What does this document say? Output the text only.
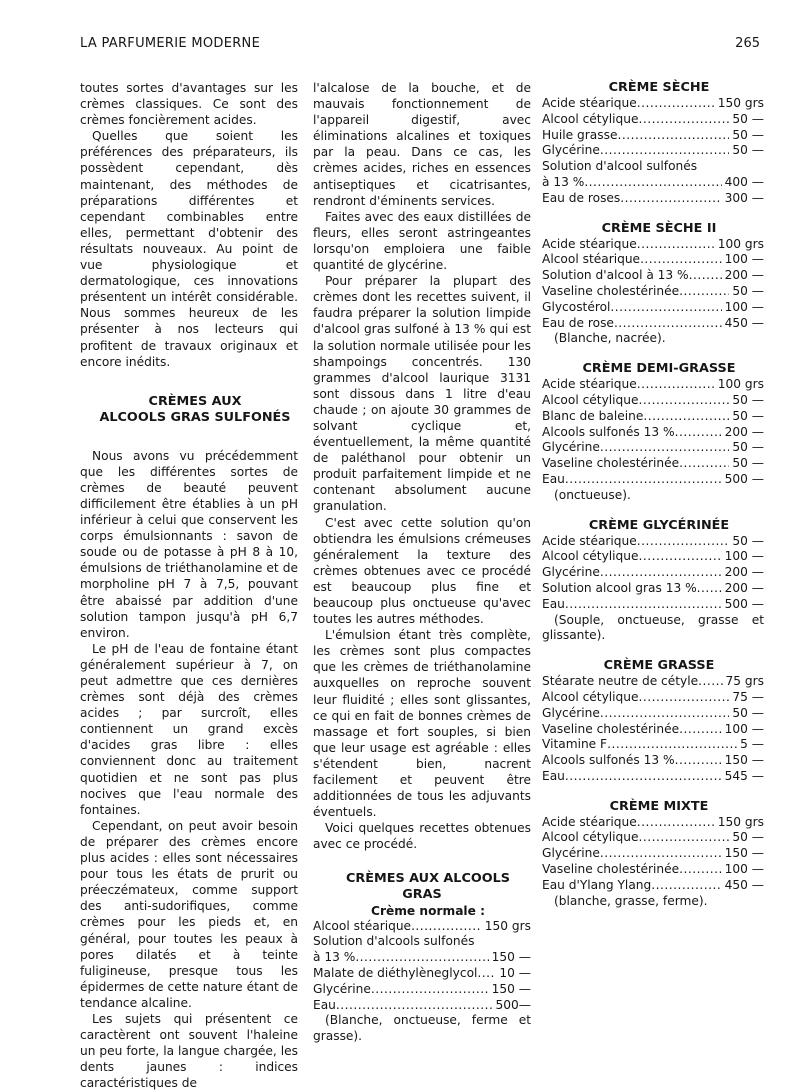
LA PARFUMERIE MODERNE	265

toutes sortes d'avantages sur les crèmes classiques. Ce sont des crèmes foncièrement acides.

Quelles que soient les préférences des préparateurs, ils possèdent cependant, dès maintenant, des méthodes de préparations différentes et cependant combinables entre elles, permettant d'obtenir des résultats nouveaux. Au point de vue physiologique et dermatologique, ces innovations présentent un intérêt considérable. Nous sommes heureux de les présenter à nos lecteurs qui profitent de travaux originaux et encore inédits.

CRÈMES AUX

ALCOOLS GRAS SULFONÉS

Nous avons vu précédemment que les différentes sortes de crèmes de beauté peuvent difficilement être établies à un pH inférieur à celui que conservent les corps émulsionnants : savon de soude ou de potasse à pH 8 à 10, émulsions de triéthanolamine et de morpholine pH 7 à 7,5, pouvant être abaissé par addition d'une solution tampon jusqu'à pH 6,7 environ.

Le pH de l'eau de fontaine étant généralement supérieur à 7, on peut admettre que ces dernières crèmes sont déjà des crèmes acides ; par surcroît, elles contiennent un grand excès d'acides gras libre : elles conviennent donc au traitement quotidien et ne sont pas plus nocives que l'eau normale des fontaines.

Cependant, on peut avoir besoin de préparer des crèmes encore plus acides : elles sont nécessaires pour tous les états de prurit ou préeczémateux, comme support des anti-sudorifiques, comme crèmes pour les pieds et, en général, pour toutes les peaux à pores dilatés et à teinte fuligineuse, presque tous les épidermes de cette nature étant de tendance alcaline.

Les sujets qui présentent ce caractèrent ont souvent l'haleine un peu forte, la langue chargée, les dents jaunes : indices caractéristiques de

l'alcalose de la bouche, et de mauvais fonctionnement de l'appareil digestif, avec éliminations alcalines et toxiques par la peau. Dans ce cas, les crèmes acides, riches en essences antiseptiques et cicatrisantes, rendront d'éminents services.

Faites avec des eaux distillées de fleurs, elles seront astringeantes lorsqu'on emploiera une faible quantité de glycérine.

Pour préparer la plupart des crèmes dont les recettes suivent, il faudra préparer la solution limpide d'alcool gras sulfoné à 13 % qui est la solution normale utilisée pour les shampoings concentrés. 130 grammes d'alcool laurique 3131 sont dissous dans 1 litre d'eau chaude ; on ajoute 30 grammes de solvant cyclique et, éventuellement, la même quantité de paléthanol pour obtenir un produit parfaitement limpide et ne contenant absolument aucune granulation.

C'est avec cette solution qu'on obtiendra les émulsions crémeuses généralement la texture des crèmes obtenues avec ce procédé est beaucoup plus fine et beaucoup plus onctueuse qu'avec toutes les autres méthodes.

L'émulsion étant très complète, les crèmes sont plus compactes que les crèmes de triéthanolamine auxquelles on reproche souvent leur fluidité ; elles sont glissantes, ce qui en fait de bonnes crèmes de massage et fort souples, si bien que leur usage est agréable : elles s'étendent bien, nacrent facilement et peuvent être additionnées de tous les adjuvants éventuels.

Voici quelques recettes obtenues avec ce procédé.

CRÈMES AUX ALCOOLS GRAS

Crème normale :

Alcool stéarique .....	150 grs
Solution d'alcools sulfonés
à 13 % .....	150 —
Malate de diéthylèneglycol ..... 10 —
Glycérine .....	150 —
Eau .....	500—

(Blanche, onctueuse, ferme et grasse).

CRÈME SÈCHE

Acide stéarique .....	150 grs
Alcool cétylique .....	50 —
Huile grasse .....	50 —
Glycérine .....	50 —
Solution d'alcool sulfonés
à 13 % .....	400 —
Eau de roses .....	300 —

CRÈME SÈCHE II

Acide stéarique .....	100 grs
Alcool stéarique .....	100 —
Solution d'alcool à 13 % .....	200 —
Vaseline cholestérinée .....	50 —
Glycostérol .....	100 —
Eau de rose .....	450 —

(Blanche, nacrée).

CRÈME DEMI-GRASSE

Acide stéarique .....	100 grs
Alcool cétylique .....	50 —
Blanc de baleine .....	50 —
Alcools sulfonés 13 % .....	200 —
Glycérine .....	50 —
Vaseline cholestérinée .....	50 —
Eau .....	500 —

(onctueuse).

CRÈME GLYCÉRINÉE

Acide stéarique .....	50 —
Alcool cétylique .....	100 —
Glycérine .....	200 —
Solution alcool gras 13 % ..... 200 —
Eau .....	500 —

(Souple, onctueuse, grasse et glissante).

CRÈME GRASSE

Stéarate neutre de cétyle ..... 75 grs
Alcool cétylique .....	75 —
Glycérine .....	50 —
Vaseline cholestérinée .....	100 —
Vitamine F .....	5 —
Alcools sulfonés 13 % .....	150 —
Eau .....	545 —

CRÈME MIXTE

Acide stéarique .....	150 grs
Alcool cétylique .....	50 —
Glycérine .....	150 —
Vaseline cholestérinée .....	100 —
Eau d'Ylang Ylang .....	450 —

(blanche, grasse, ferme).
